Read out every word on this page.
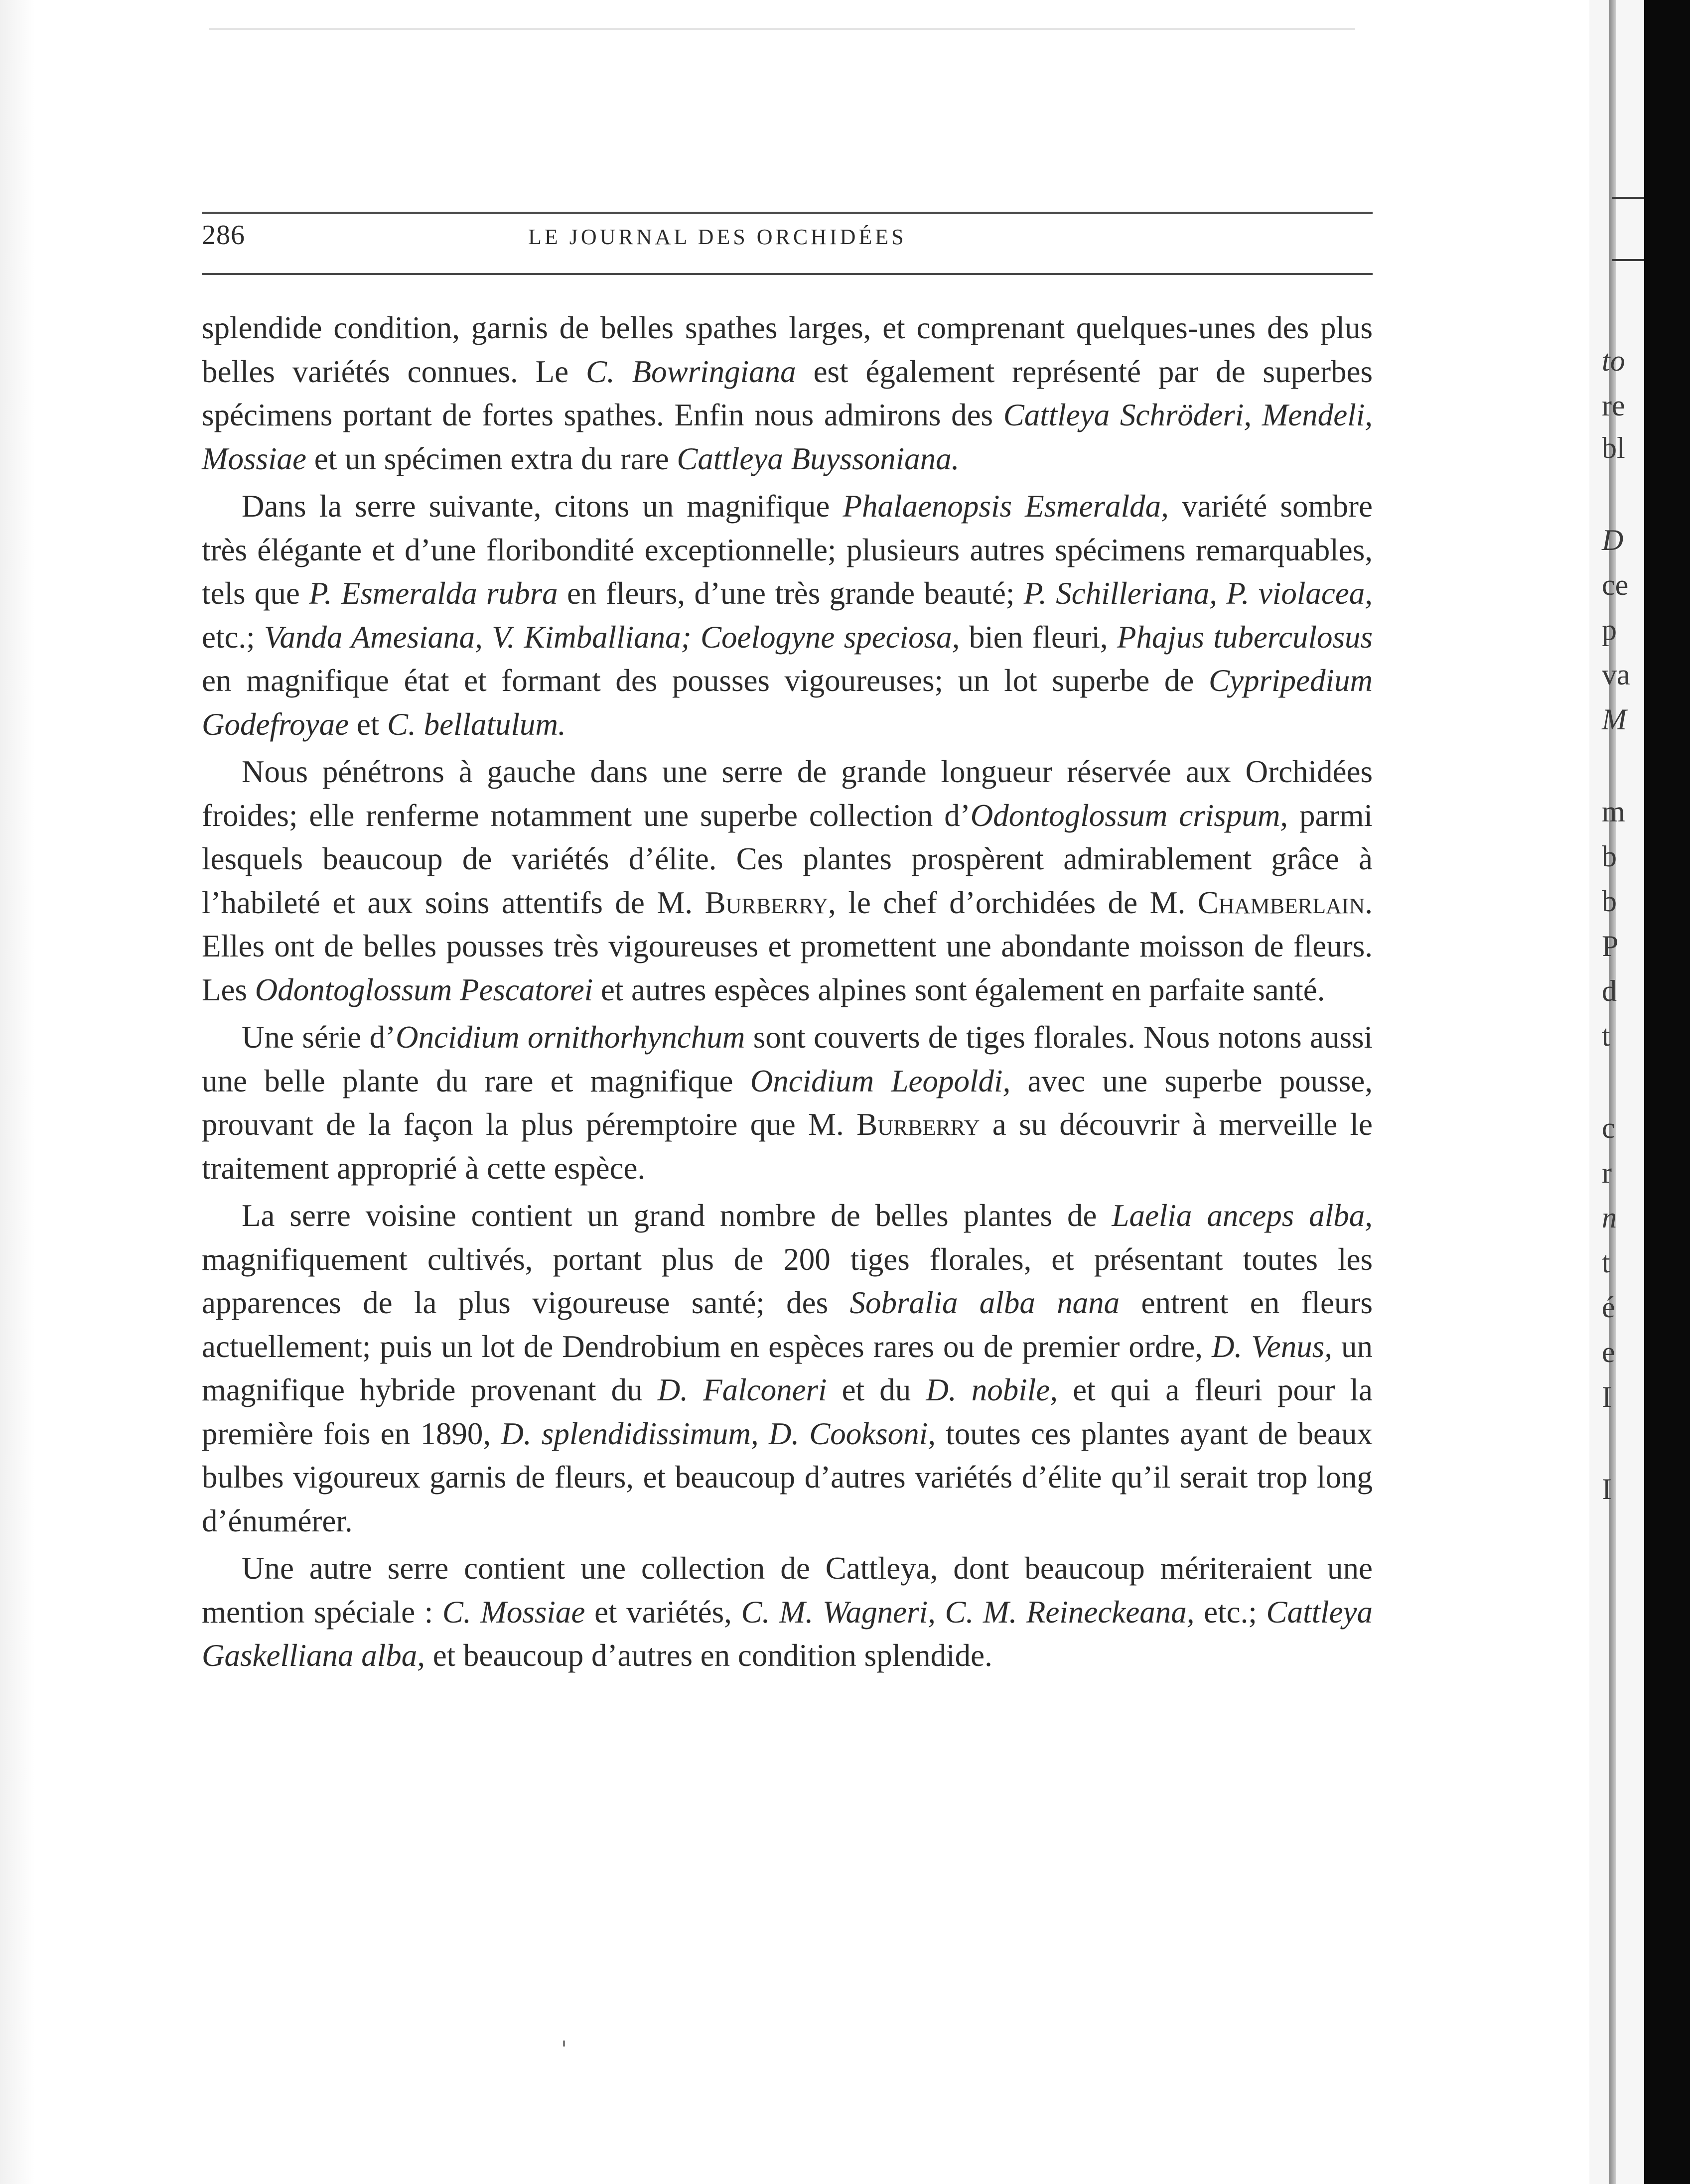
286	LE JOURNAL DES ORCHIDÉES

splendide condition, garnis de belles spathes larges, et comprenant quelques-unes des plus belles variétés connues. Le C. Bowringiana est également représenté par de superbes spécimens portant de fortes spathes. Enfin nous admirons des Cattleya Schröderi, Mendeli, Mossiae et un spécimen extra du rare Cattleya Buyssoniana.

Dans la serre suivante, citons un magnifique Phalaenopsis Esmeralda, variété sombre très élégante et d’une floribondité exceptionnelle; plusieurs autres spécimens remarquables, tels que P. Esmeralda rubra en fleurs, d’une très grande beauté; P. Schilleriana, P. violacea, etc.; Vanda Amesiana, V. Kimballiana; Coelogyne speciosa, bien fleuri, Phajus tuberculosus en magnifique état et formant des pousses vigoureuses; un lot superbe de Cypripedium Godefroyae et C. bellatulum.

Nous pénétrons à gauche dans une serre de grande longueur réservée aux Orchidées froides; elle renferme notamment une superbe collection d’Odontoglossum crispum, parmi lesquels beaucoup de variétés d’élite. Ces plantes prospèrent admirablement grâce à l’habileté et aux soins attentifs de M. Burberry, le chef d’orchidées de M. Chamberlain. Elles ont de belles pousses très vigoureuses et promettent une abondante moisson de fleurs. Les Odontoglossum Pescatorei et autres espèces alpines sont également en parfaite santé.

Une série d’Oncidium ornithorhynchum sont couverts de tiges florales. Nous notons aussi une belle plante du rare et magnifique Oncidium Leopoldi, avec une superbe pousse, prouvant de la façon la plus péremptoire que M. Burberry a su découvrir à merveille le traitement approprié à cette espèce.

La serre voisine contient un grand nombre de belles plantes de Laelia anceps alba, magnifiquement cultivés, portant plus de 200 tiges florales, et présentant toutes les apparences de la plus vigoureuse santé; des Sobralia alba nana entrent en fleurs actuellement; puis un lot de Dendrobium en espèces rares ou de premier ordre, D. Venus, un magnifique hybride provenant du D. Falconeri et du D. nobile, et qui a fleuri pour la première fois en 1890, D. splendidissimum, D. Cooksoni, toutes ces plantes ayant de beaux bulbes vigoureux garnis de fleurs, et beaucoup d’autres variétés d’élite qu’il serait trop long d’énumérer.

Une autre serre contient une collection de Cattleya, dont beaucoup mériteraient une mention spéciale : C. Mossiae et variétés, C. M. Wagneri, C. M. Reineckeana, etc.; Cattleya Gaskelliana alba, et beaucoup d’autres en condition splendide.

to
re
bl
D
ce
p
va
M
m
b
b
P
d
t
c
r
n
t
é
e
I
I
